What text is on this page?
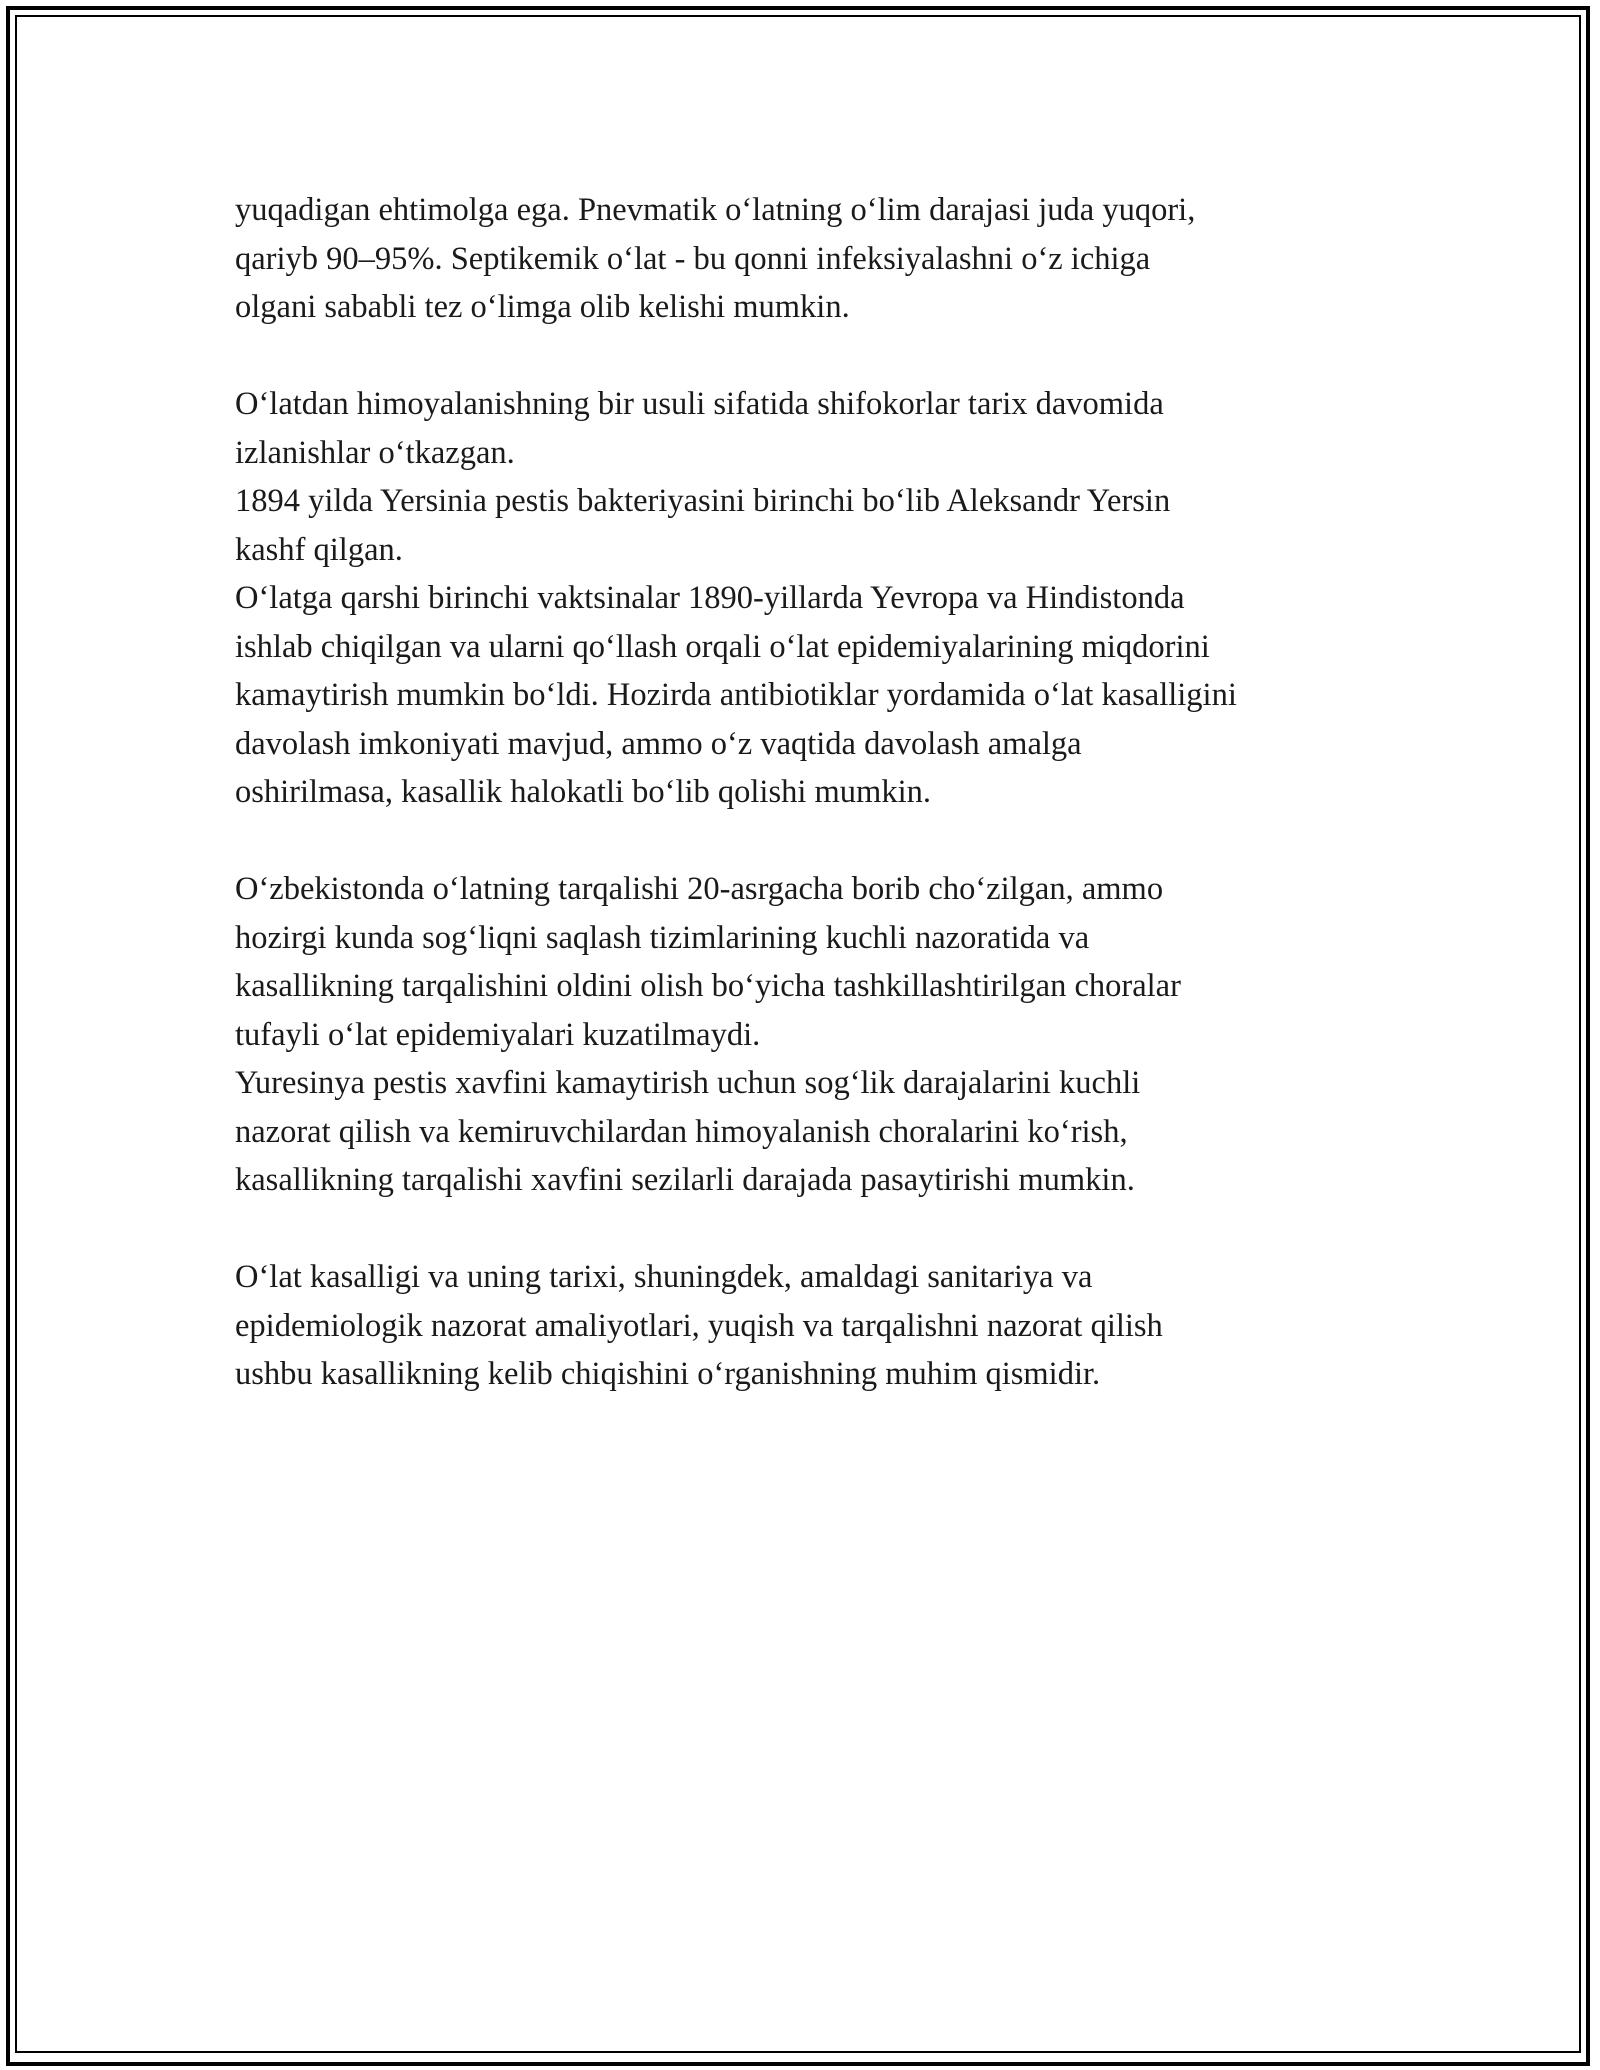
yuqadigan ehtimolga ega. Pnevmatik o‘latning o‘lim darajasi juda yuqori,
qariyb 90–95%. Septikemik o‘lat - bu qonni infeksiyalashni o‘z ichiga
olgani sababli tez o‘limga olib kelishi mumkin.
O‘latdan himoyalanishning bir usuli sifatida shifokorlar tarix davomida
izlanishlar o‘tkazgan.
1894 yilda Yersinia pestis bakteriyasini birinchi bo‘lib Aleksandr Yersin
kashf qilgan.
O‘latga qarshi birinchi vaktsinalar 1890-yillarda Yevropa va Hindistonda
ishlab chiqilgan va ularni qo‘llash orqali o‘lat epidemiyalarining miqdorini
kamaytirish mumkin bo‘ldi. Hozirda antibiotiklar yordamida o‘lat kasalligini
davolash imkoniyati mavjud, ammo o‘z vaqtida davolash amalga
oshirilmasa, kasallik halokatli bo‘lib qolishi mumkin.
O‘zbekistonda o‘latning tarqalishi 20-asrgacha borib cho‘zilgan, ammo
hozirgi kunda sog‘liqni saqlash tizimlarining kuchli nazoratida va
kasallikning tarqalishini oldini olish bo‘yicha tashkillashtirilgan choralar
tufayli o‘lat epidemiyalari kuzatilmaydi.
Yuresinya pestis xavfini kamaytirish uchun sog‘lik darajalarini kuchli
nazorat qilish va kemiruvchilardan himoyalanish choralarini ko‘rish,
kasallikning tarqalishi xavfini sezilarli darajada pasaytirishi mumkin.
O‘lat kasalligi va uning tarixi, shuningdek, amaldagi sanitariya va
epidemiologik nazorat amaliyotlari, yuqish va tarqalishni nazorat qilish
ushbu kasallikning kelib chiqishini o‘rganishning muhim qismidir.
